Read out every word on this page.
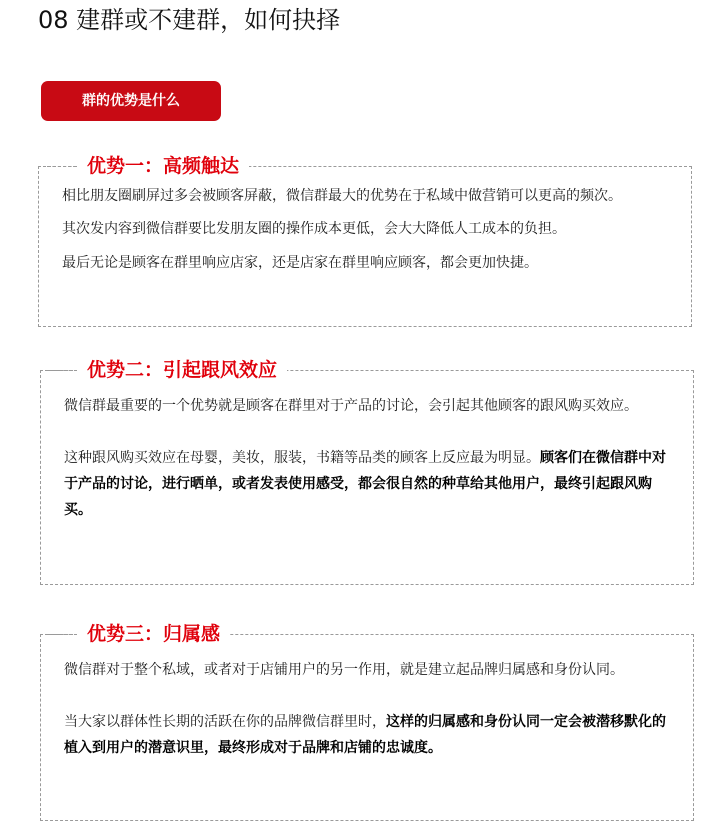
08 建群或不建群，如何抉择
群的优势是什么
优势一：高频触达

相比朋友圈刷屏过多会被顾客屏蔽，微信群最大的优势在于私域中做营销可以更高的频次。

其次发内容到微信群要比发朋友圈的操作成本更低，会大大降低人工成本的负担。

最后无论是顾客在群里响应店家，还是店家在群里响应顾客，都会更加快捷。

优势二：引起跟风效应

微信群最重要的一个优势就是顾客在群里对于产品的讨论，会引起其他顾客的跟风购买效应。

这种跟风购买效应在母婴，美妆，服装，书籍等品类的顾客上反应最为明显。顾客们在微信群中对于产品的讨论，进行晒单，或者发表使用感受，都会很自然的种草给其他用户，最终引起跟风购买。

优势三：归属感

微信群对于整个私域，或者对于店铺用户的另一作用，就是建立起品牌归属感和身份认同。

当大家以群体性长期的活跃在你的品牌微信群里时，这样的归属感和身份认同一定会被潜移默化的植入到用户的潜意识里，最终形成对于品牌和店铺的忠诚度。
